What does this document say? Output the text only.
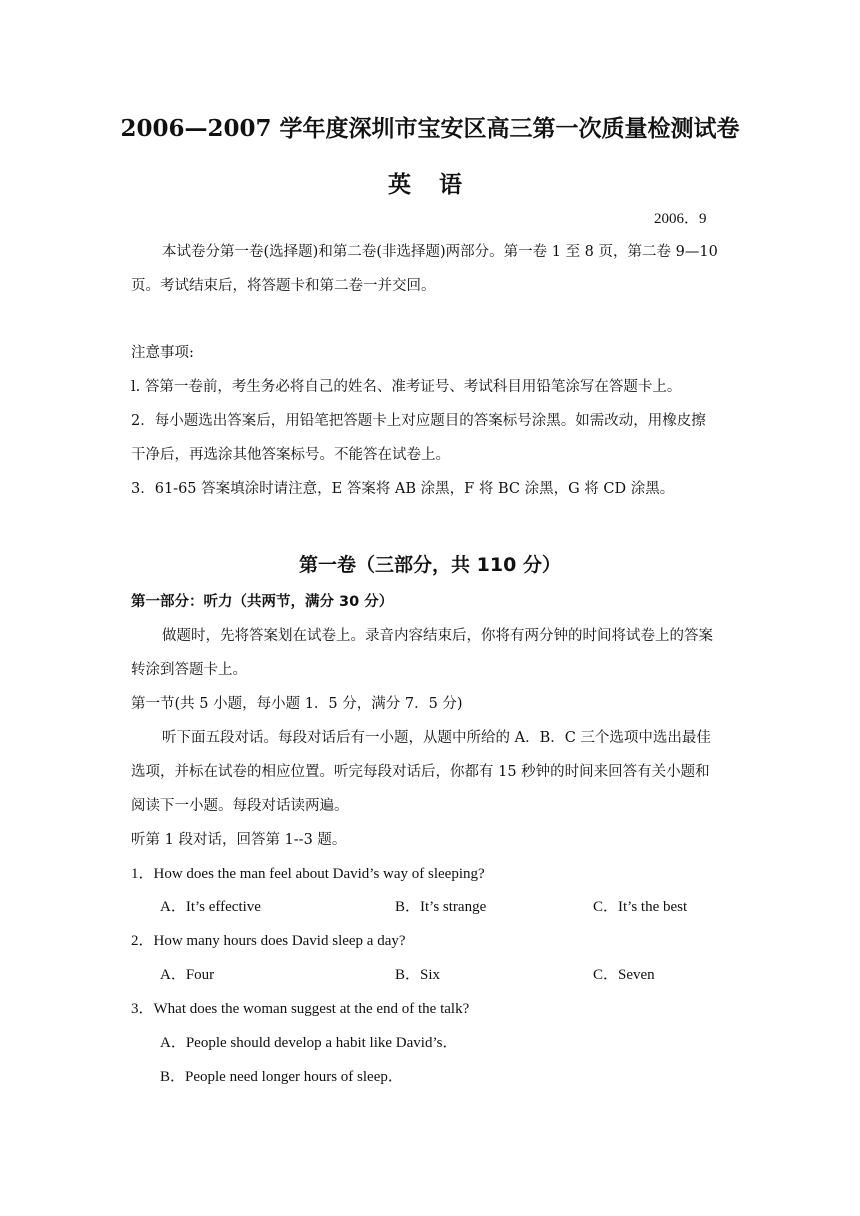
2006—2007 学年度深圳市宝安区高三第一次质量检测试卷
英 语
2006．9
本试卷分第一卷(选择题)和第二卷(非选择题)两部分。第一卷 1 至 8 页，第二卷 9—10
页。考试结束后，将答题卡和第二卷一并交回。
注意事项:
l. 答第一卷前，考生务必将自己的姓名、准考证号、考试科目用铅笔涂写在答题卡上。
2．每小题选出答案后，用铅笔把答题卡上对应题目的答案标号涂黑。如需改动，用橡皮擦
干净后，再选涂其他答案标号。不能答在试卷上。
3．61-65 答案填涂时请注意，E 答案将 AB 涂黑，F 将 BC 涂黑，G 将 CD 涂黑。
第一卷（三部分，共 110 分）
第一部分：听力（共两节，满分 30 分）
做题时，先将答案划在试卷上。录音内容结束后，你将有两分钟的时间将试卷上的答案
转涂到答题卡上。
第一节(共 5 小题，每小题 1．5 分，满分 7．5 分)
听下面五段对话。每段对话后有一小题，从题中所给的 A．B．C 三个选项中选出最佳
选项，并标在试卷的相应位置。听完每段对话后，你都有 15 秒钟的时间来回答有关小题和
阅读下一小题。每段对话读两遍。
听第 1 段对话，回答第 1--3 题。
1．How does the man feel about David’s way of sleeping?
A．It’s effective	B．It’s strange	C．It’s the best
2．How many hours does David sleep a day?
A．Four	B．Six	C．Seven
3．What does the woman suggest at the end of the talk?
A．People should develop a habit like David’s．
B．People need longer hours of sleep．
